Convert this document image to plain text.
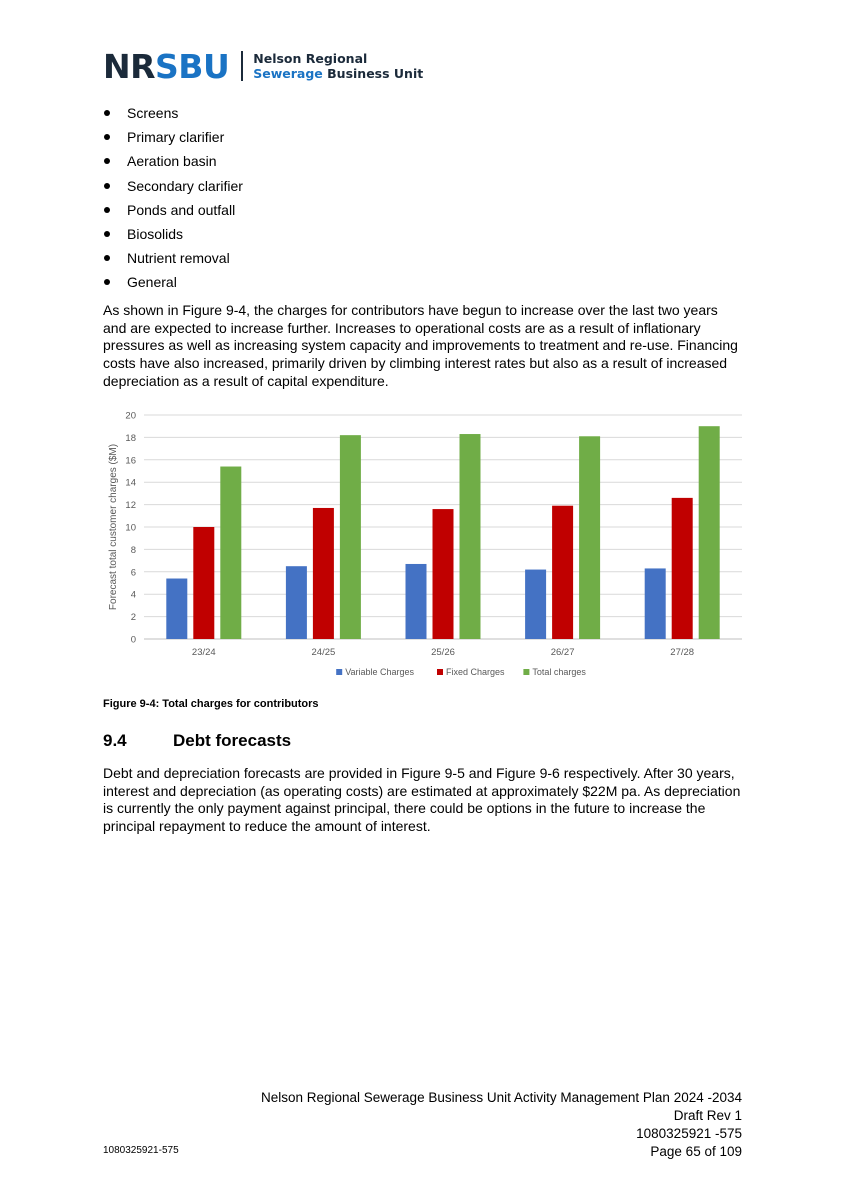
NRSBU Nelson Regional
Sewerage Business Unit
Screens
Primary clarifier
Aeration basin
Secondary clarifier
Ponds and outfall
Biosolids
Nutrient removal
General

As shown in Figure 9-4, the charges for contributors have begun to increase over the last two years and are expected to increase further. Increases to operational costs are as a result of inflationary pressures as well as increasing system capacity and improvements to treatment and re-use. Financing costs have also increased, primarily driven by climbing interest rates but also as a result of increased depreciation as a result of capital expenditure.

0
2
4
6
8
10
12
14
16
18
20
Forecast total customer charges ($M)
23/24	24/25	25/26	26/27	27/28
Variable Charges	Fixed Charges	Total charges
Figure 9-4: Total charges for contributors
9.4	Debt forecasts

Debt and depreciation forecasts are provided in Figure 9-5 and Figure 9-6 respectively. After 30 years, interest and depreciation (as operating costs) are estimated at approximately $22M pa. As depreciation is currently the only payment against principal, there could be options in the future to increase the principal repayment to reduce the amount of interest.

Nelson Regional Sewerage Business Unit Activity Management Plan 2024 -2034
Draft Rev 1
1080325921 -575
Page 65 of 109
1080325921-575
